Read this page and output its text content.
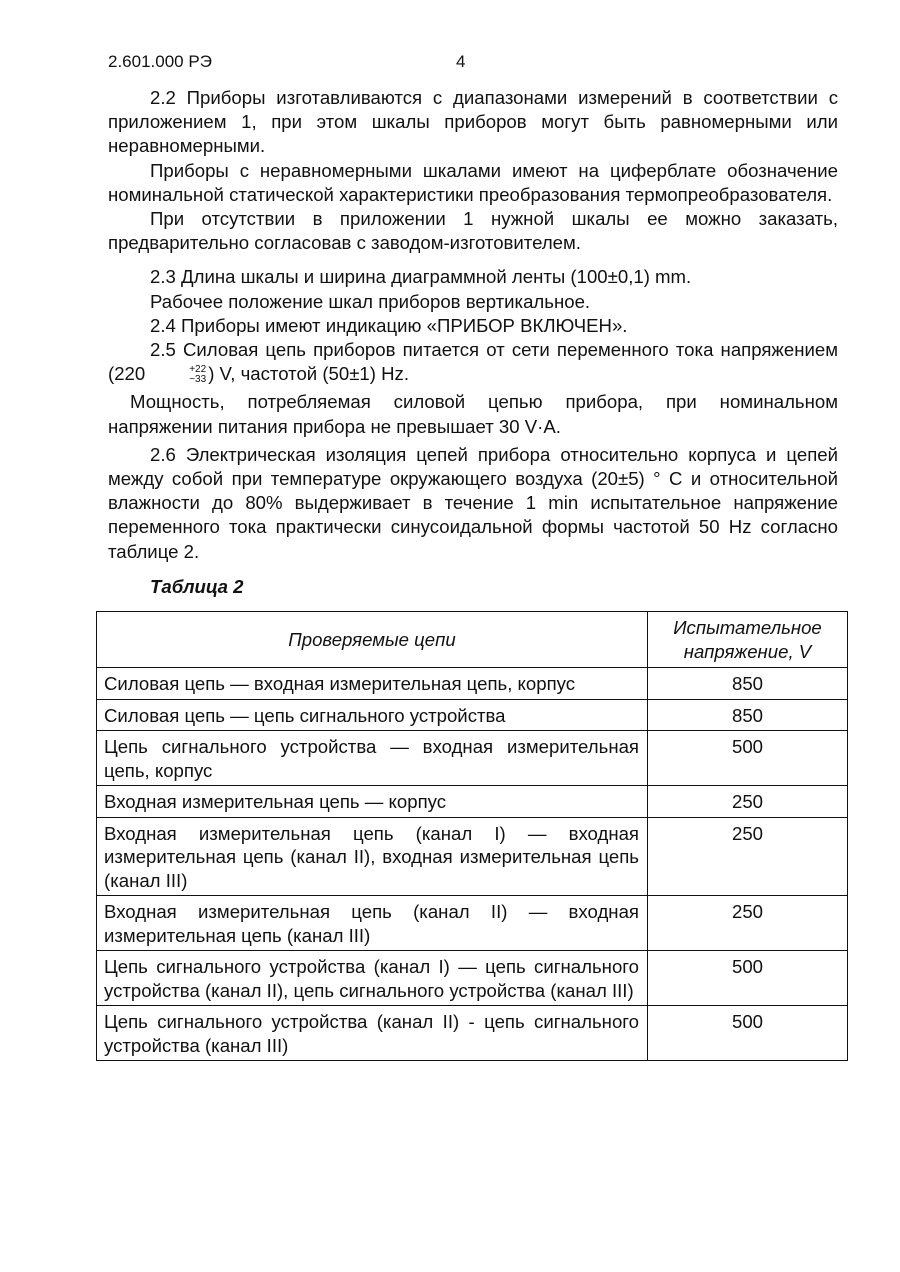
2.601.000 РЭ	4

2.2 Приборы изготавливаются с диапазонами измерений в соответствии с приложением 1, при этом шкалы приборов могут быть равномерными или неравномерными.

Приборы с неравномерными шкалами имеют на циферблате обозначение номинальной статической характеристики преобразования термопреобразователя.

При отсутствии в приложении 1 нужной шкалы ее можно заказать, предварительно согласовав с заводом-изготовителем.

2.3 Длина шкалы и ширина диаграммной ленты (100±0,1) mm.

Рабочее положение шкал приборов вертикальное.

2.4 Приборы имеют индикацию «ПРИБОР ВКЛЮЧЕН».

2.5 Силовая цепь приборов питается от сети переменного тока напряжением (220	+22
−33 ) V, частотой (50±1) Hz.

Мощность, потребляемая силовой цепью прибора, при номинальном напряжении питания прибора не превышает 30 V·A.

2.6 Электрическая изоляция цепей прибора относительно корпуса и цепей между собой при температуре окружающего воздуха (20±5) ° C и относительной влажности до 80% выдерживает в течение 1 min испытательное напряжение переменного тока практически синусоидальной формы частотой 50 Hz согласно таблице 2.

Таблица 2
Проверяемые цепи	Испытательное напряжение, V
Силовая цепь — входная измерительная цепь, корпус	850
Силовая цепь — цепь сигнального устройства	850
Цепь сигнального устройства — входная измерительная цепь, корпус	500
Входная измерительная цепь — корпус	250
Входная измерительная цепь (канал I) — входная измерительная цепь (канал II), входная измерительная цепь (канал III)	250
Входная измерительная цепь (канал II) — входная измерительная цепь (канал III)	250
Цепь сигнального устройства (канал I) — цепь сигнального устройства (канал II), цепь сигнального устройства (канал III)	500
Цепь сигнального устройства (канал II) - цепь сигнального устройства (канал III)	500
